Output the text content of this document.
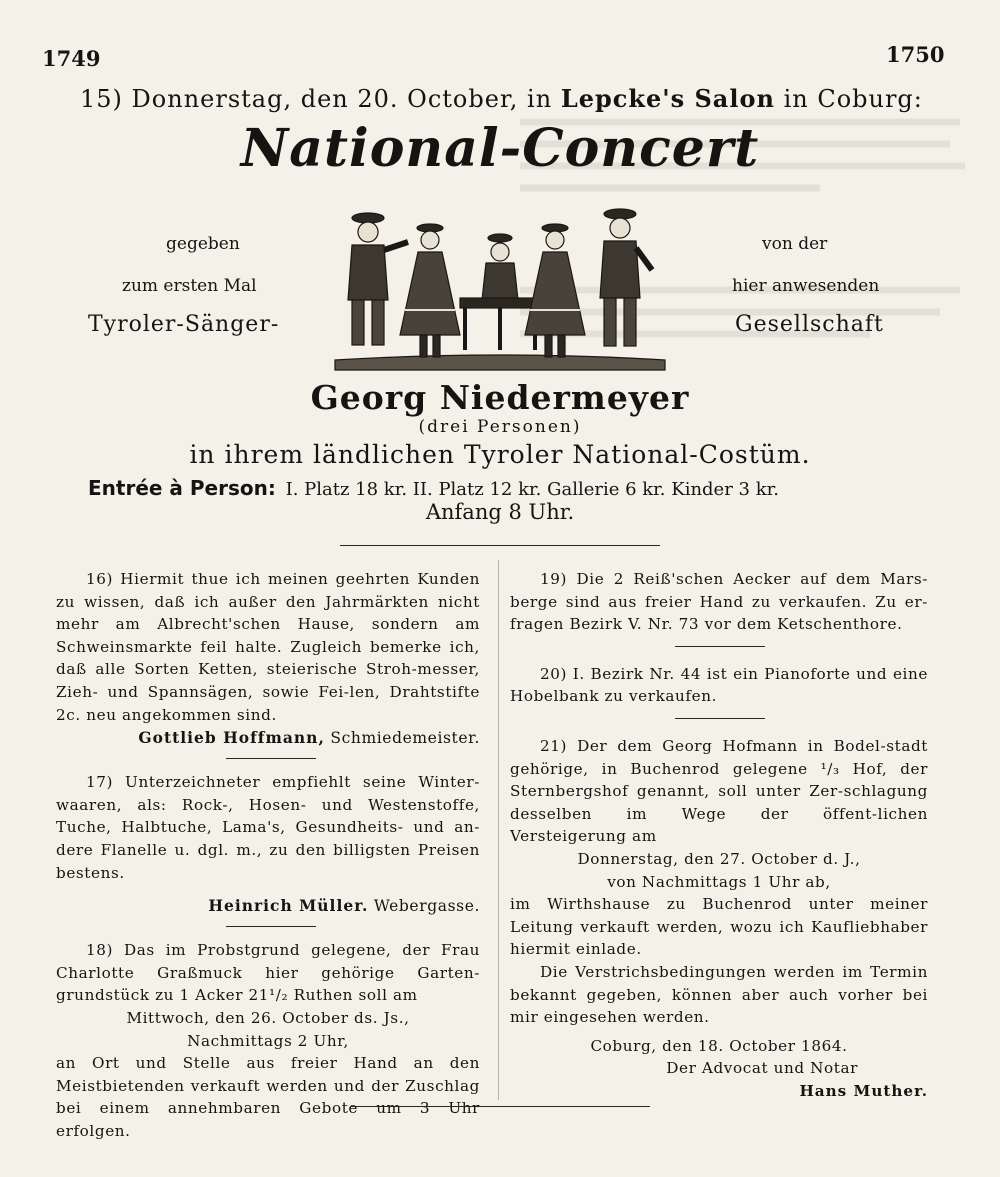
1749	1750
15) Donnerstag, den 20. October, in Lepcke's Salon in Coburg:
National-Concert
gegeben
zum ersten Mal
Tyroler-Sänger-
von der
hier anwesenden
Gesellschaft
Georg Niedermeyer
(drei Personen)
in ihrem ländlichen Tyroler National-Costüm.
Entrée à Person: I. Platz 18 kr. II. Platz 12 kr. Gallerie 6 kr. Kinder 3 kr.
Anfang 8 Uhr.

16) Hiermit thue ich meinen geehrten Kunden zu wissen, daß ich außer den Jahrmärkten nicht mehr am Albrecht'schen Hause, sondern am Schweinsmarkte feil halte. Zugleich bemerke ich, daß alle Sorten Ketten, steierische Stroh-messer, Zieh- und Spannsägen, sowie Fei-len, Drahtstifte 2c. neu angekommen sind.

Gottlieb Hoffmann, Schmiedemeister.

17) Unterzeichneter empfiehlt seine Winter-waaren, als: Rock-, Hosen- und Westenstoffe, Tuche, Halbtuche, Lama's, Gesundheits- und an-dere Flanelle u. dgl. m., zu den billigsten Preisen bestens.

Heinrich Müller. Webergasse.

18) Das im Probstgrund gelegene, der Frau Charlotte Graßmuck hier gehörige Garten-grundstück zu 1 Acker 21¹/₂ Ruthen soll am

Mittwoch, den 26. October ds. Js.,

Nachmittags 2 Uhr,

an Ort und Stelle aus freier Hand an den Meistbietenden verkauft werden und der Zuschlag bei einem annehmbaren Gebote um 3 Uhr erfolgen.

19) Die 2 Reiß'schen Aecker auf dem Mars-berge sind aus freier Hand zu verkaufen. Zu er-fragen Bezirk V. Nr. 73 vor dem Ketschenthore.

20) I. Bezirk Nr. 44 ist ein Pianoforte und eine Hobelbank zu verkaufen.

21) Der dem Georg Hofmann in Bodel-stadt gehörige, in Buchenrod gelegene ¹/₃ Hof, der Sternbergshof genannt, soll unter Zer-schlagung desselben im Wege der öffent-lichen Versteigerung am

Donnerstag, den 27. October d. J.,

von Nachmittags 1 Uhr ab,

im Wirthshause zu Buchenrod unter meiner Leitung verkauft werden, wozu ich Kaufliebhaber hiermit einlade.

Die Verstrichsbedingungen werden im Termin bekannt gegeben, können aber auch vorher bei mir eingesehen werden.

Coburg, den 18. October 1864.

Der Advocat und Notar

Hans Muther.
